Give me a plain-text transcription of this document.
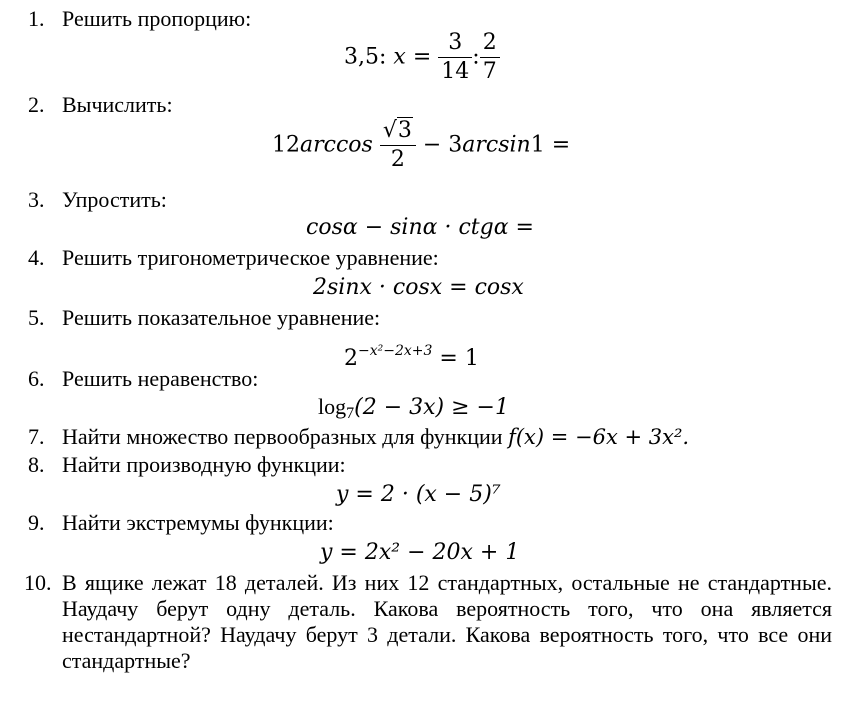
1. Решить пропорцию:
3,5: $x = \frac{3}{14}$ : $\frac{2}{7}$
2. Вычислить:
$12\arccos \frac{√3}{2} - 3\arcsin 1$ =
3. Упростить:
cosα − sinα · ctgα =
4. Решить тригонометрическое уравнение:
2sinx · cosx = cosx
5. Решить показательное уравнение:
$2^{-x^2-2x+3} = 1$
6. Решить неравенство:
$\log_7(2 - 3x) \ge -1$
7. Найти множество первообразных для функции f(x) = −6x + 3x².
8. Найти производную функции:
y = 2 · (x − 5)⁷
9. Найти экстремумы функции:
y = 2x² − 20x + 1
10. В ящике лежат 18 деталей. Из них 12 стандартных, остальные не стандартные. Наудачу берут одну деталь. Какова вероятность того, что она является нестандартной? Наудачу берут 3 детали. Какова вероятность того, что все они стандартные?
